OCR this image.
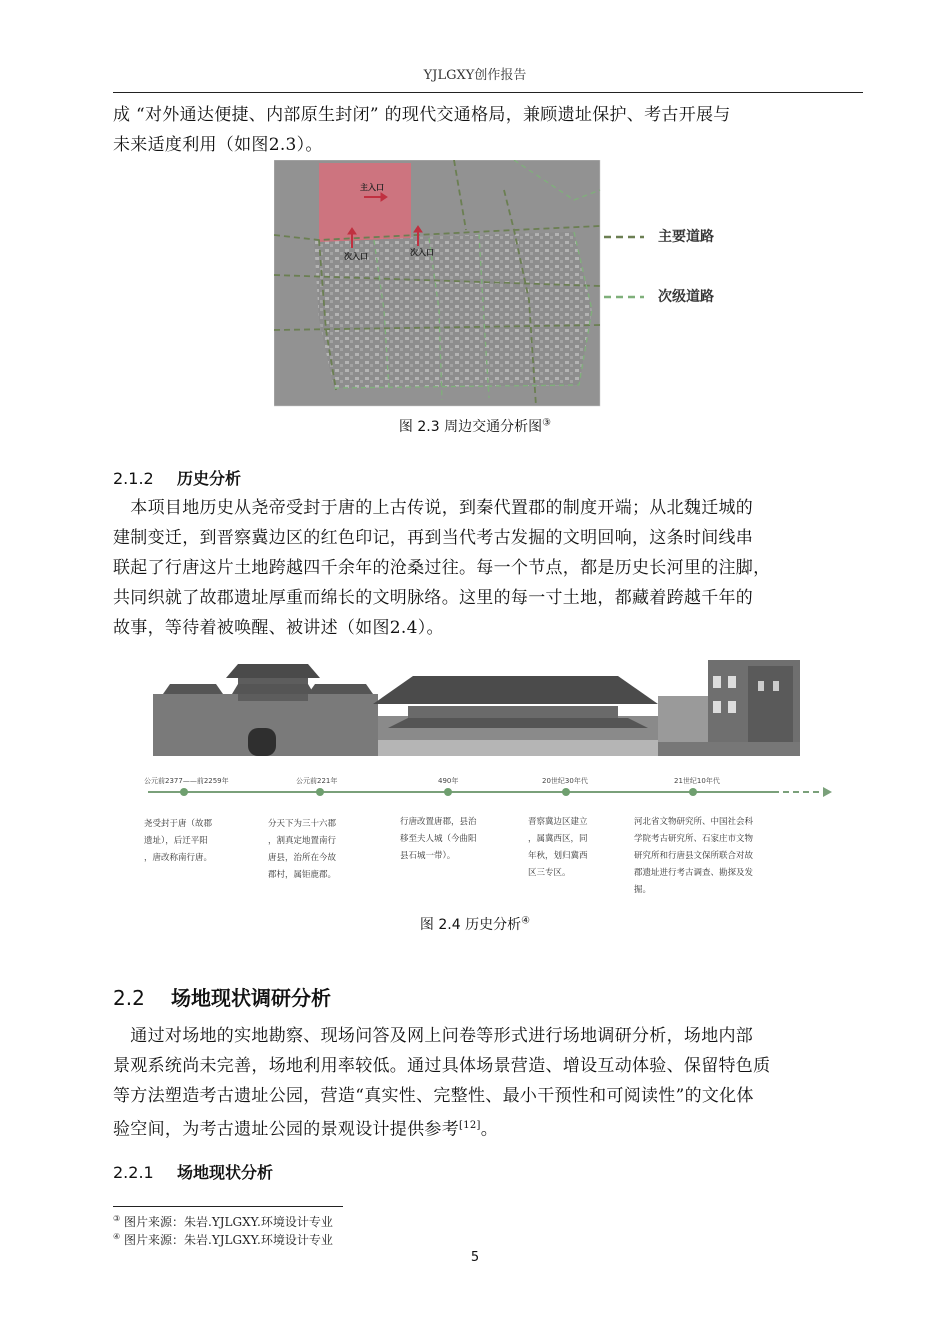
YJLGXY创作报告

成 “对外通达便捷、内部原生封闭” 的现代交通格局，兼顾遗址保护、考古开展与

未来适度利用（如图2.3）。

主入口
次入口	次入口
主要道路
次级道路
图 2.3 周边交通分析图③
2.1.2 历史分析

　本项目地历史从尧帝受封于唐的上古传说，到秦代置郡的制度开端；从北魏迁城的

建制变迁，到晋察冀边区的红色印记，再到当代考古发掘的文明回响，这条时间线串

联起了行唐这片土地跨越四千余年的沧桑过往。每一个节点，都是历史长河里的注脚，

共同织就了故郡遗址厚重而绵长的文明脉络。这里的每一寸土地，都藏着跨越千年的

故事，等待着被唤醒、被讲述（如图2.4）。

公元前2377——前2259年	公元前221年	490年	20世纪30年代	21世纪10年代
尧受封于唐（故郡
遗址），后迁平阳
，唐改称南行唐。
分天下为三十六郡
，割真定地置南行
唐县，治所在今故
郡村，属钜鹿郡。
行唐改置唐郡，县治
移至夫人城（今曲阳
县石城一带）。
晋察冀边区建立
，属冀西区，同
年秋，划归冀西
区三专区。
河北省文物研究所、中国社会科
学院考古研究所、石家庄市文物
研究所和行唐县文保所联合对故
郡遗址进行考古调查、勘探及发
掘。
图 2.4 历史分析④
2.2 场地现状调研分析

　通过对场地的实地勘察、现场问答及网上问卷等形式进行场地调研分析，场地内部

景观系统尚未完善，场地利用率较低。通过具体场景营造、增设互动体验、保留特色质

等方法塑造考古遗址公园，营造“真实性、完整性、最小干预性和可阅读性”的文化体

验空间，为考古遗址公园的景观设计提供参考[12]。

2.2.1 场地现状分析
③ 图片来源：朱岩.YJLGXY.环境设计专业
④ 图片来源：朱岩.YJLGXY.环境设计专业
5
